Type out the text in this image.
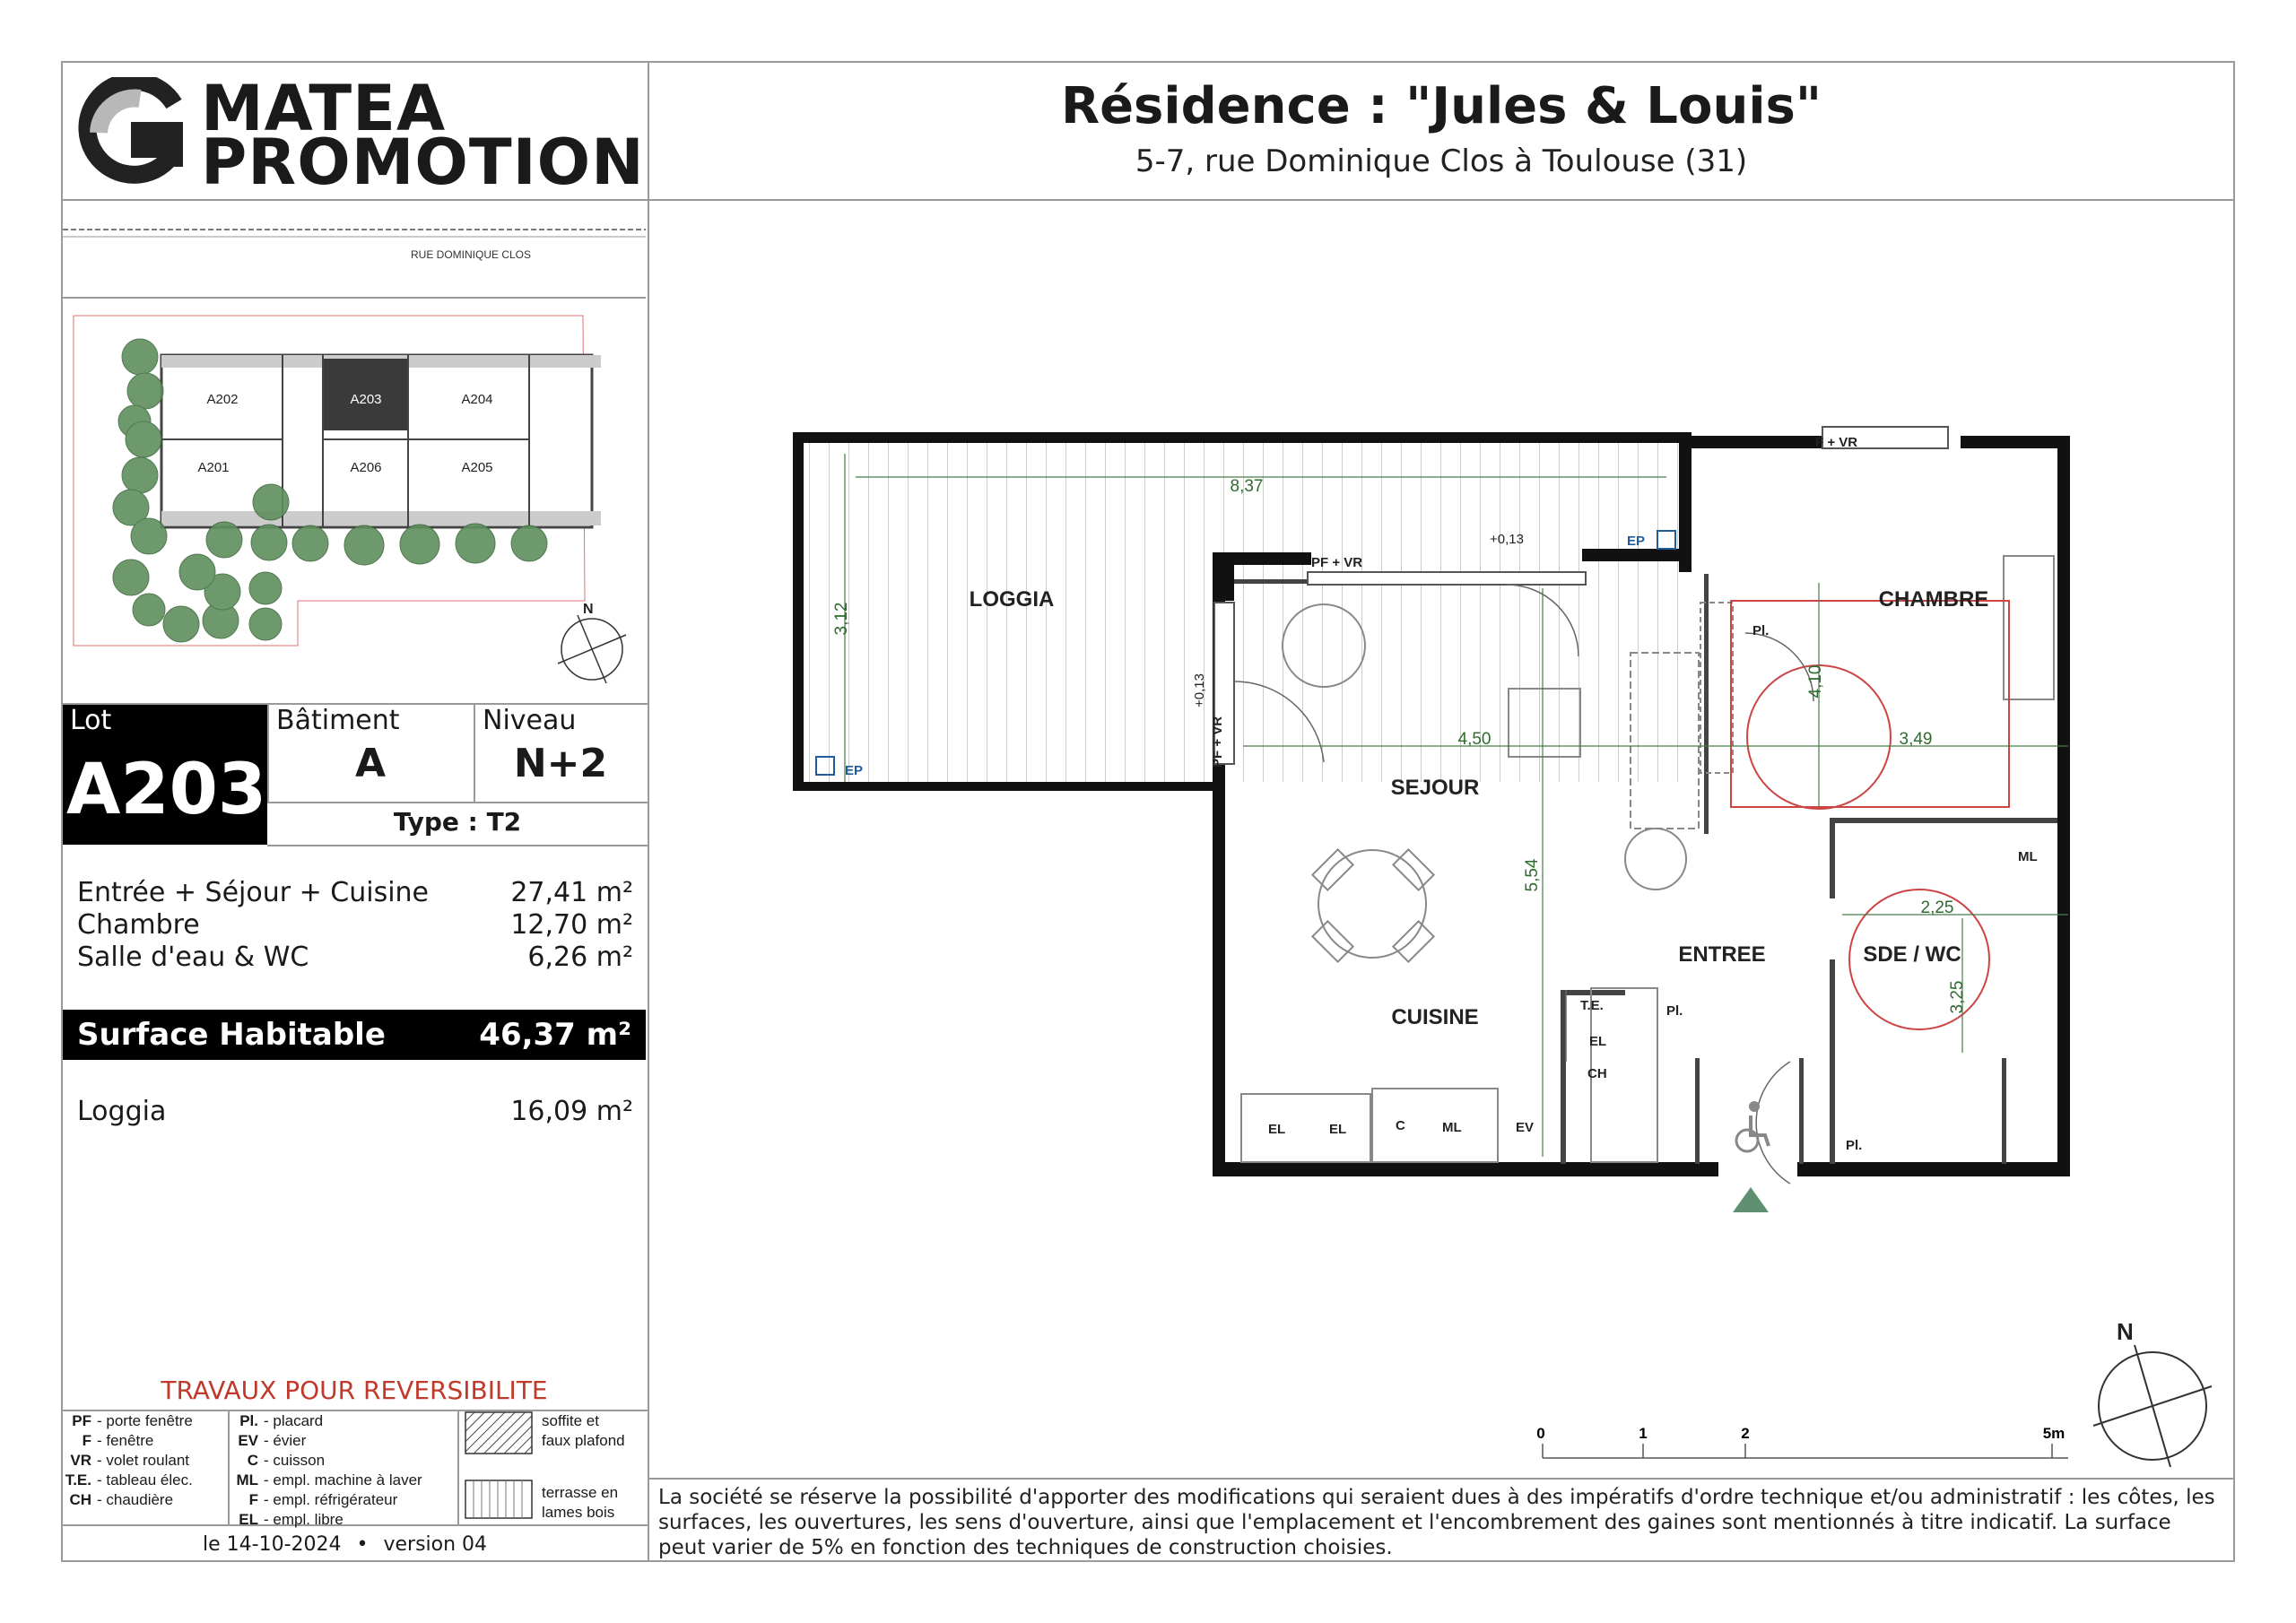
MATEA
PROMOTION
Résidence : "Jules & Louis"
5-7, rue Dominique Clos à Toulouse (31)
RUE DOMINIQUE CLOS
A202	A203	A204
A201	A206	A205
N
Lot
A203
Bâtiment
A
Niveau
N+2
Type : T2
Entrée + Séjour + Cuisine	27,41 m²
Chambre	12,70 m²
Salle d'eau & WC	6,26 m²
Surface Habitable	46,37 m²
Loggia	16,09 m²
TRAVAUX POUR REVERSIBILITE
PF - porte fenêtre
F - fenêtre
VR - volet roulant
T.E. - tableau élec.
CH - chaudière
Pl. - placard
EV - évier
C - cuisson
ML - empl. machine à laver
F - empl. réfrigérateur
EL - empl. libre
soffite et
faux plafond
terrasse en
lames bois
le 14-10-2024 • version 04
La société se réserve la possibilité d'apporter des modifications qui seraient dues à des impératifs d'ordre technique et/ou administratif : les côtes, les surfaces, les ouvertures, les sens d'ouverture, ainsi que l'emplacement et l'encombrement des gaines sont mentionnés à titre indicatif. La surface peut varier de 5% en fonction des techniques de construction choisies.
LOGGIA
SEJOUR
CUISINE
ENTREE
CHAMBRE
SDE / WC
8,37
3,12
4,50
5,54
3,49
4,10
2,25
3,25
+0,13
+0,13
PF + VR
PF + VR
F + VR
EP
EP
Pl.
Pl.
Pl.
T.E.
EL
CH
EL	EL	C	ML	EV
ML
0	1	2	5m
N
